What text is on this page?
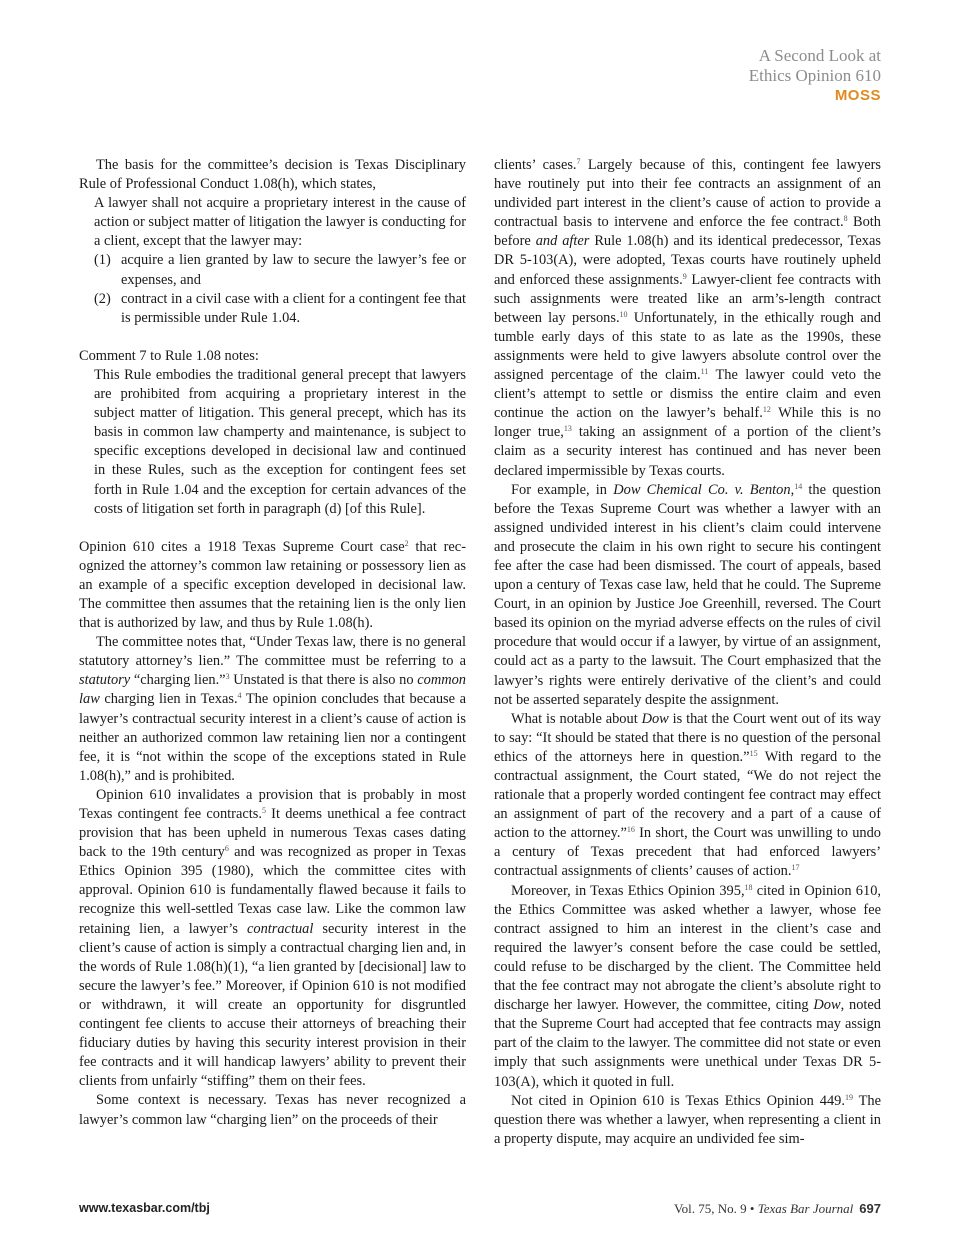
A Second Look at
Ethics Opinion 610
MOSS

The basis for the committee’s decision is Texas Disciplinary Rule of Professional Conduct 1.08(h), which states,

A lawyer shall not acquire a proprietary interest in the cause of action or subject matter of litigation the lawyer is conducting for a client, except that the lawyer may:

(1) acquire a lien granted by law to secure the lawyer’s fee or expenses, and
(2) contract in a civil case with a client for a contingent fee that is permissible under Rule 1.04.

Comment 7 to Rule 1.08 notes:

This Rule embodies the traditional general precept that lawyers are prohibited from acquiring a proprietary interest in the subject matter of litigation. This general precept, which has its basis in common law champerty and maintenance, is subject to specific exceptions developed in decisional law and continued in these Rules, such as the exception for contingent fees set forth in Rule 1.04 and the exception for certain advances of the costs of litigation set forth in paragraph (d) [of this Rule].

Opinion 610 cites a 1918 Texas Supreme Court case$^2$ that recognized the attorney’s common law retaining or possessory lien as an example of a specific exception developed in decisional law. The committee then assumes that the retaining lien is the only lien that is authorized by law, and thus by Rule 1.08(h).

The committee notes that, “Under Texas law, there is no general statutory attorney’s lien.” The committee must be referring to a statutory “charging lien.”$^3$ Unstated is that there is also no common law charging lien in Texas.$^4$ The opinion concludes that because a lawyer’s contractual security interest in a client’s cause of action is neither an authorized common law retaining lien nor a contingent fee, it is “not within the scope of the exceptions stated in Rule 1.08(h),” and is prohibited.

Opinion 610 invalidates a provision that is probably in most Texas contingent fee contracts.$^5$ It deems unethical a fee contract provision that has been upheld in numerous Texas cases dating back to the 19th century$^6$ and was recognized as proper in Texas Ethics Opinion 395 (1980), which the committee cites with approval. Opinion 610 is fundamentally flawed because it fails to recognize this well-settled Texas case law. Like the common law retaining lien, a lawyer’s contractual security interest in the client’s cause of action is simply a contractual charging lien and, in the words of Rule 1.08(h)(1), “a lien granted by [decisional] law to secure the lawyer’s fee.” Moreover, if Opinion 610 is not modified or withdrawn, it will create an opportunity for disgruntled contingent fee clients to accuse their attorneys of breaching their fiduciary duties by having this security interest provision in their fee contracts and it will handicap lawyers’ ability to prevent their clients from unfairly “stiffing” them on their fees.

Some context is necessary. Texas has never recognized a lawyer’s common law “charging lien” on the proceeds of their

clients’ cases.$^7$ Largely because of this, contingent fee lawyers have routinely put into their fee contracts an assignment of an undivided part interest in the client’s cause of action to provide a contractual basis to intervene and enforce the fee contract.$^8$ Both before and after Rule 1.08(h) and its identical predecessor, Texas DR 5-103(A), were adopted, Texas courts have routinely upheld and enforced these assignments.$^9$ Lawyer-client fee contracts with such assignments were treated like an arm’s-length contract between lay persons.$^{10}$ Unfortunately, in the ethically rough and tumble early days of this state to as late as the 1990s, these assignments were held to give lawyers absolute control over the assigned percentage of the claim.$^{11}$ The lawyer could veto the client’s attempt to settle or dismiss the entire claim and even continue the action on the lawyer’s behalf.$^{12}$ While this is no longer true,$^{13}$ taking an assignment of a portion of the client’s claim as a security interest has continued and has never been declared impermissible by Texas courts.

For example, in Dow Chemical Co. v. Benton,$^{14}$ the question before the Texas Supreme Court was whether a lawyer with an assigned undivided interest in his client’s claim could intervene and prosecute the claim in his own right to secure his contingent fee after the case had been dismissed. The court of appeals, based upon a century of Texas case law, held that he could. The Supreme Court, in an opinion by Justice Joe Greenhill, reversed. The Court based its opinion on the myriad adverse effects on the rules of civil procedure that would occur if a lawyer, by virtue of an assignment, could act as a party to the lawsuit. The Court emphasized that the lawyer’s rights were entirely derivative of the client’s and could not be asserted separately despite the assignment.

What is notable about Dow is that the Court went out of its way to say: “It should be stated that there is no question of the personal ethics of the attorneys here in question.”$^{15}$ With regard to the contractual assignment, the Court stated, “We do not reject the rationale that a properly worded contingent fee contract may effect an assignment of part of the recovery and a part of a cause of action to the attorney.”$^{16}$ In short, the Court was unwilling to undo a century of Texas precedent that had enforced lawyers’ contractual assignments of clients’ causes of action.$^{17}$

Moreover, in Texas Ethics Opinion 395,18 cited in Opinion 610, the Ethics Committee was asked whether a lawyer, whose fee contract assigned to him an interest in the client’s case and required the lawyer’s consent before the case could be settled, could refuse to be discharged by the client. The Committee held that the fee contract may not abrogate the client’s absolute right to discharge her lawyer. However, the committee, citing Dow, noted that the Supreme Court had accepted that fee contracts may assign part of the claim to the lawyer. The committee did not state or even imply that such assignments were unethical under Texas DR 5-103(A), which it quoted in full.

Not cited in Opinion 610 is Texas Ethics Opinion 449.19 The question there was whether a lawyer, when representing a client in a property dispute, may acquire an undivided fee sim-

www.texasbar.com/tbj	Vol. 75, No. 9 • Texas Bar Journal 697
